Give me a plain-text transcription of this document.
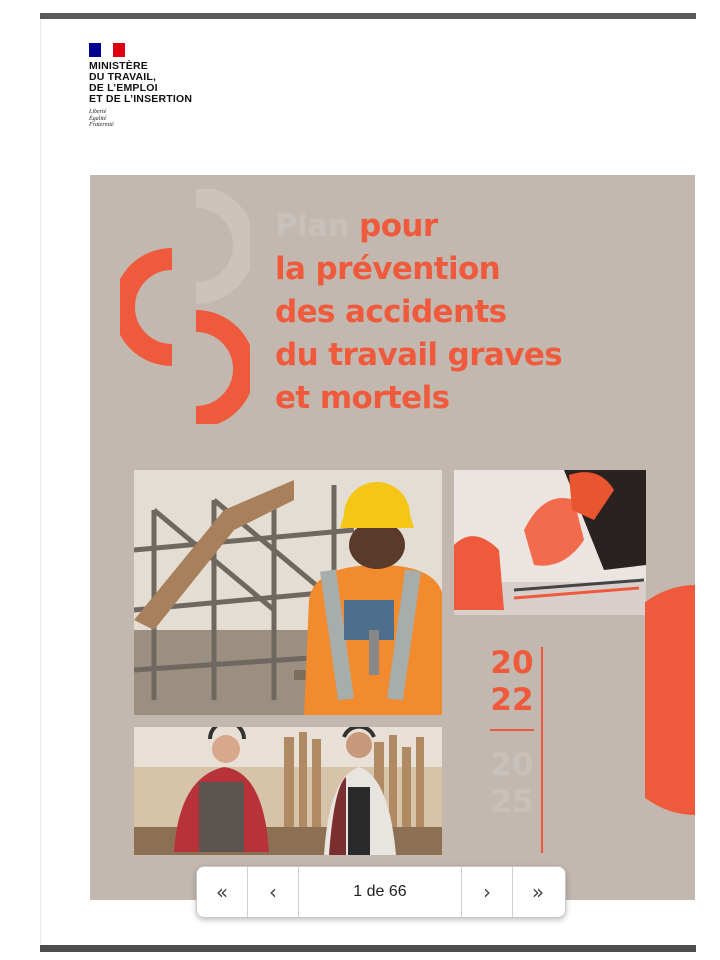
MINISTÈRE
DU TRAVAIL,
DE L’EMPLOI
ET DE L’INSERTION
Liberté
Égalité
Fraternité
Plan pour
la prévention
des accidents
du travail graves
et mortels
20
22
20
25
« ‹	1 de 66	› »
